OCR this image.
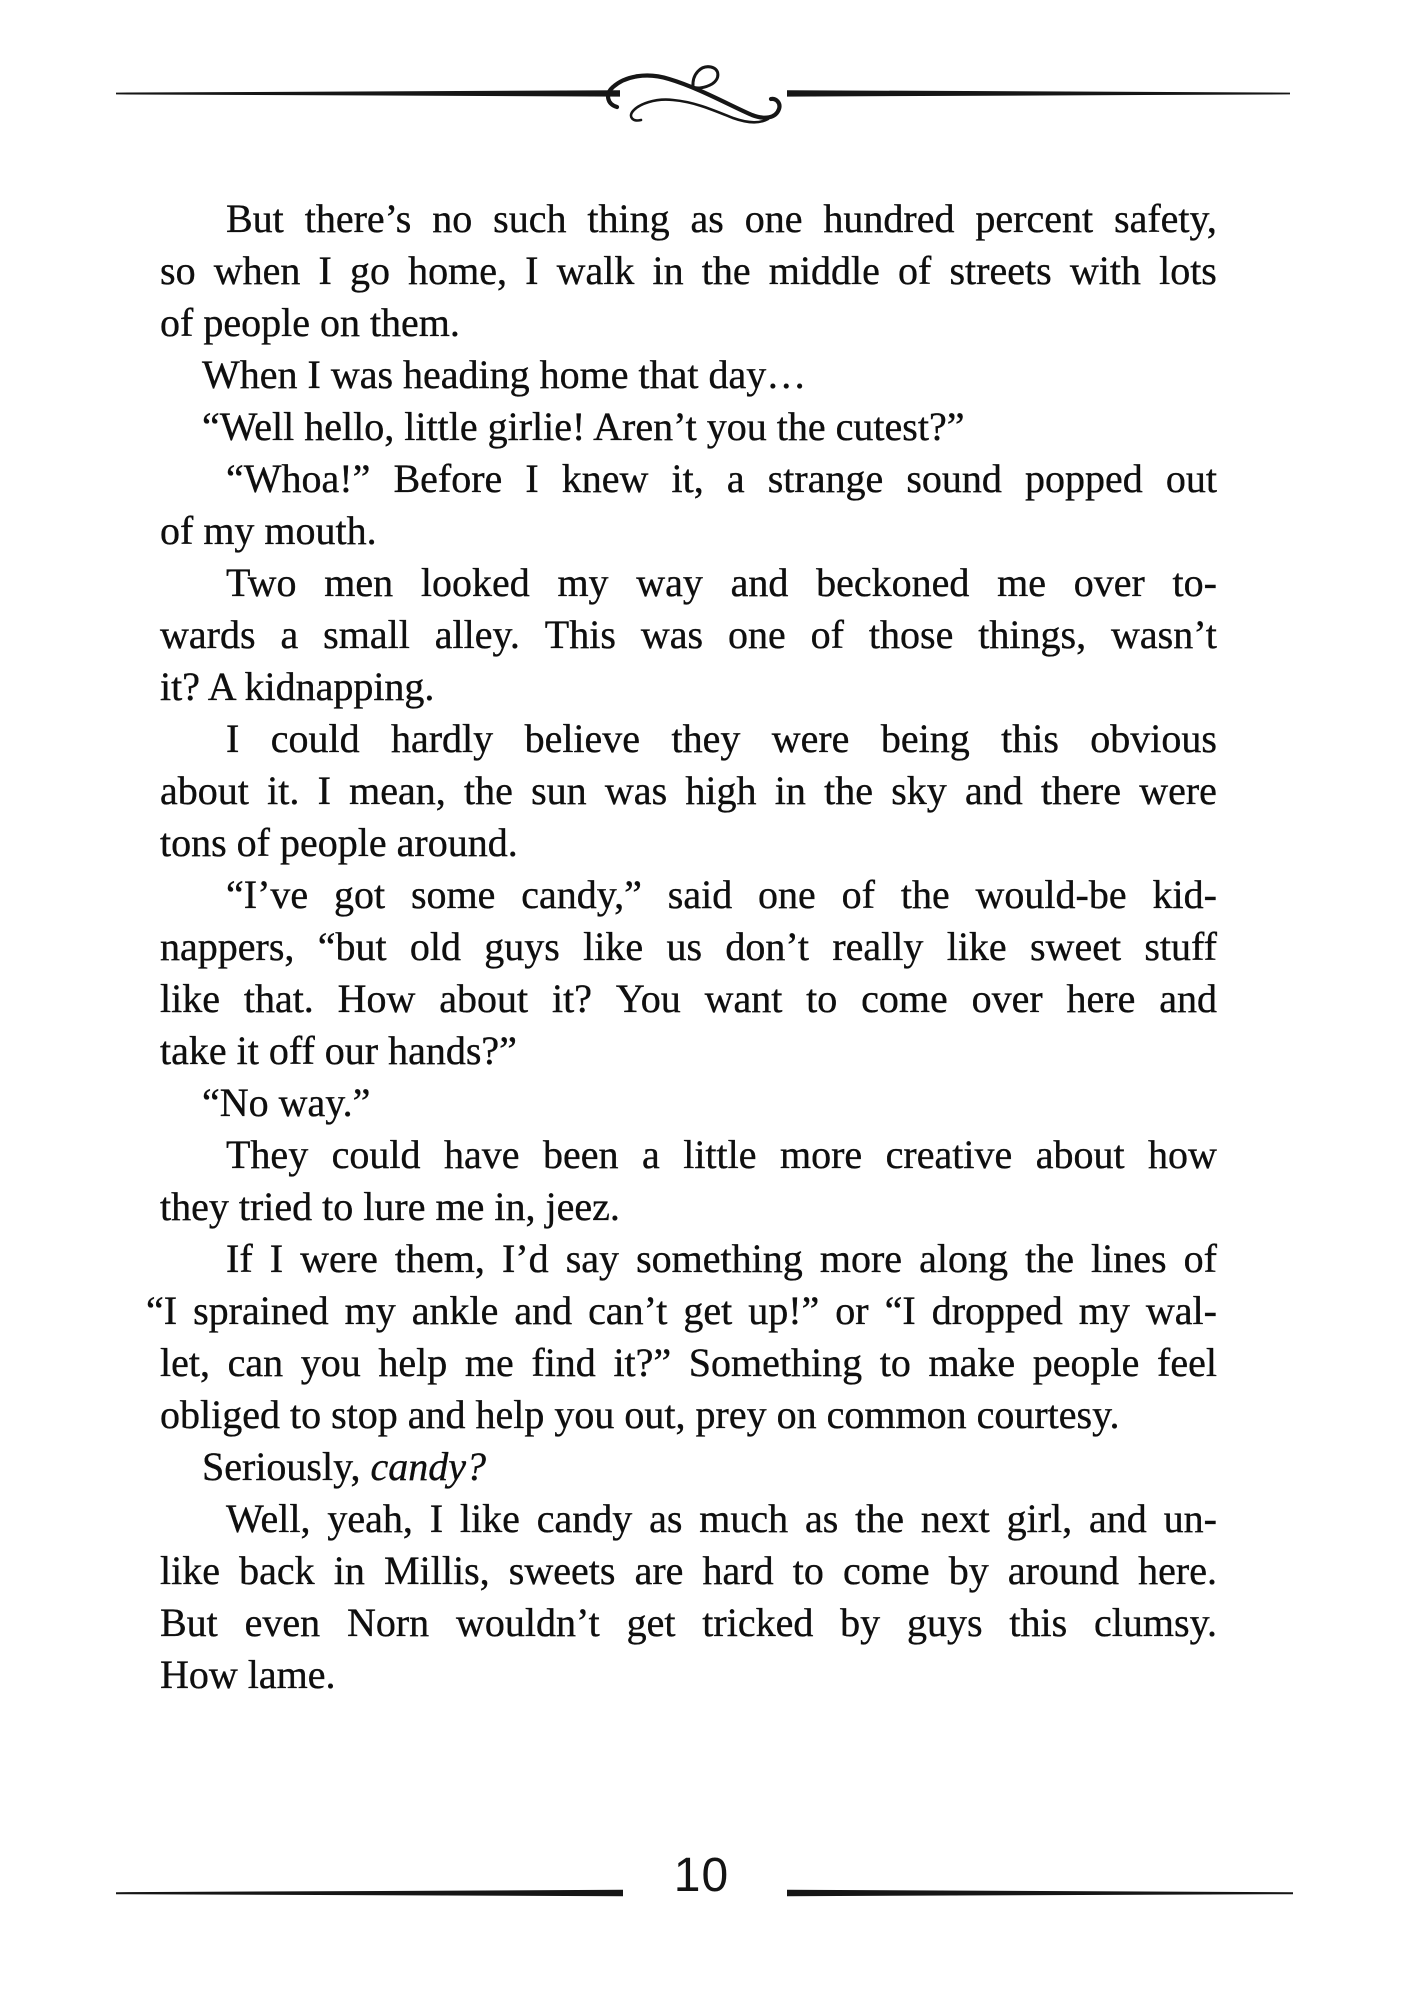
But there’s no such thing as one hundred percent safety,
so when I go home, I walk in the middle of streets with lots
of people on them.
When I was heading home that day…
“Well hello, little girlie! Aren’t you the cutest?”
“Whoa!” Before I knew it, a strange sound popped out
of my mouth.
Two men looked my way and beckoned me over to-
wards a small alley. This was one of those things, wasn’t
it? A kidnapping.
I could hardly believe they were being this obvious
about it. I mean, the sun was high in the sky and there were
tons of people around.
“I’ve got some candy,” said one of the would-be kid-
nappers, “but old guys like us don’t really like sweet stuff
like that. How about it? You want to come over here and
take it off our hands?”
“No way.”
They could have been a little more creative about how
they tried to lure me in, jeez.
If I were them, I’d say something more along the lines of
“I sprained my ankle and can’t get up!” or “I dropped my wal-
let, can you help me find it?” Something to make people feel
obliged to stop and help you out, prey on common courtesy.
Seriously, candy?
Well, yeah, I like candy as much as the next girl, and un-
like back in Millis, sweets are hard to come by around here.
But even Norn wouldn’t get tricked by guys this clumsy.
How lame.
10
